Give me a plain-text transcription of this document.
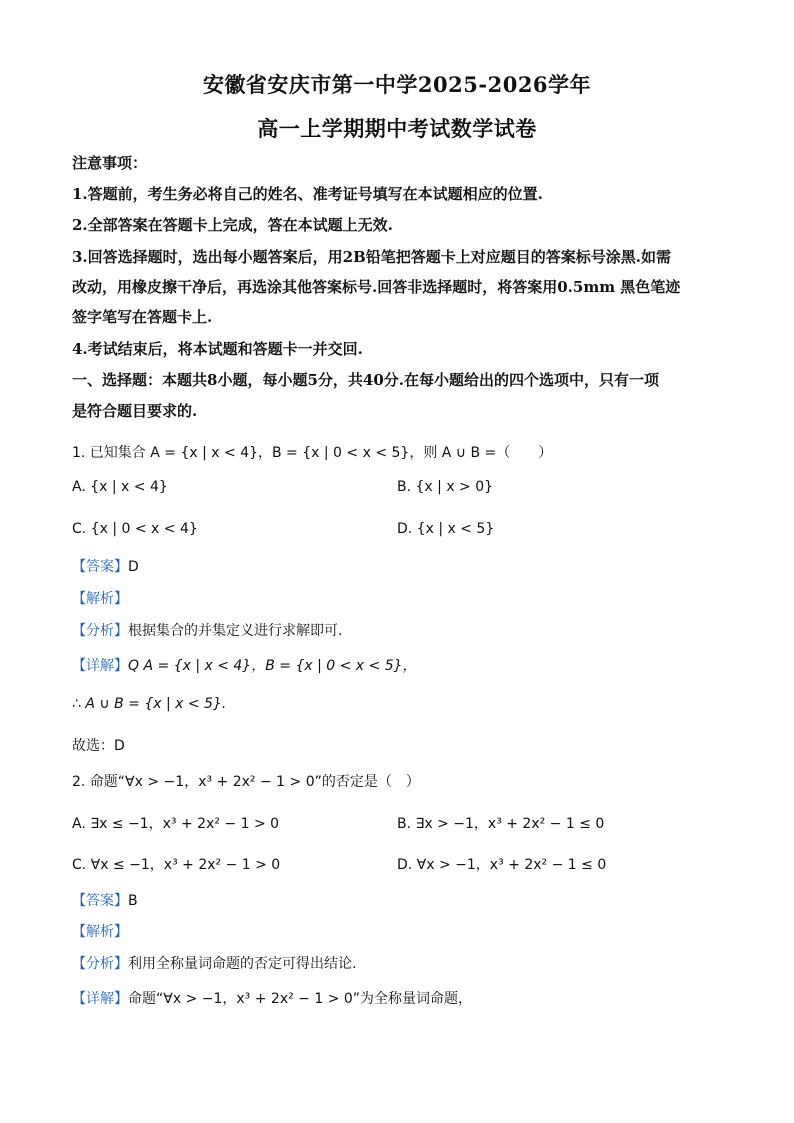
安徽省安庆市第一中学2025-2026学年
高一上学期期中考试数学试卷
注意事项：
1.答题前，考生务必将自己的姓名、准考证号填写在本试题相应的位置.
2.全部答案在答题卡上完成，答在本试题上无效.
3.回答选择题时，选出每小题答案后，用2B铅笔把答题卡上对应题目的答案标号涂黑.如需
改动，用橡皮擦干净后，再选涂其他答案标号.回答非选择题时，将答案用0.5mm 黑色笔迹
签字笔写在答题卡上.
4.考试结束后，将本试题和答题卡一并交回.
一、选择题：本题共8小题，每小题5分，共40分.在每小题给出的四个选项中，只有一项
是符合题目要求的.
1. 已知集合 A = {x | x < 4}，B = {x | 0 < x < 5}，则 A ∪ B =（　　）
A. {x | x < 4}	B. {x | x > 0}
C. {x | 0 < x < 4}	D. {x | x < 5}
【答案】D
【解析】
【分析】根据集合的并集定义进行求解即可.
【详解】Q A = {x | x < 4}，B = {x | 0 < x < 5}，
∴ A ∪ B = {x | x < 5}.
故选：D
2. 命题“∀x > −1，x³ + 2x² − 1 > 0”的否定是（　）
A. ∃x ≤ −1，x³ + 2x² − 1 > 0	B. ∃x > −1，x³ + 2x² − 1 ≤ 0
C. ∀x ≤ −1，x³ + 2x² − 1 > 0	D. ∀x > −1，x³ + 2x² − 1 ≤ 0
【答案】B
【解析】
【分析】利用全称量词命题的否定可得出结论.
【详解】命题“∀x > −1，x³ + 2x² − 1 > 0”为全称量词命题，
